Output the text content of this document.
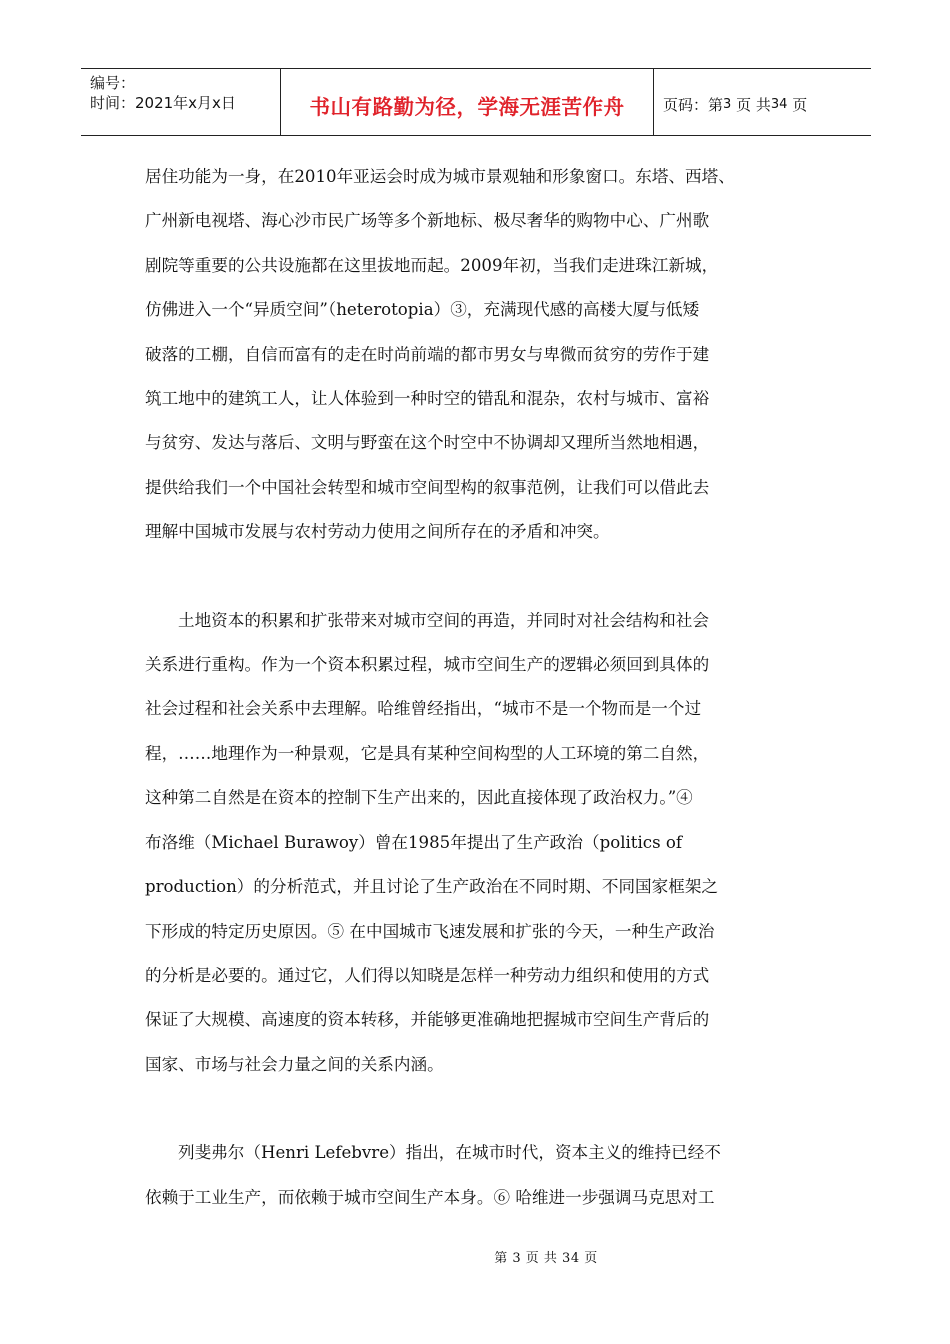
编号：
时间：2021年x月x日	书山有路勤为径，学海无涯苦作舟	页码：第 3
页 共 34
页

居住功能为一身，在2010年亚运会时成为城市景观轴和形象窗口。东塔、西塔、
广州新电视塔、海心沙市民广场等多个新地标、极尽奢华的购物中心、广州歌
剧院等重要的公共设施都在这里拔地而起。2009年初，当我们走进珠江新城，
仿佛进入一个“异质空间”（heterotopia）③，充满现代感的高楼大厦与低矮
破落的工棚，自信而富有的走在时尚前端的都市男女与卑微而贫穷的劳作于建
筑工地中的建筑工人，让人体验到一种时空的错乱和混杂，农村与城市、富裕
与贫穷、发达与落后、文明与野蛮在这个时空中不协调却又理所当然地相遇，
提供给我们一个中国社会转型和城市空间型构的叙事范例，让我们可以借此去
理解中国城市发展与农村劳动力使用之间所存在的矛盾和冲突。

土地资本的积累和扩张带来对城市空间的再造，并同时对社会结构和社会
关系进行重构。作为一个资本积累过程，城市空间生产的逻辑必须回到具体的
社会过程和社会关系中去理解。哈维曾经指出，“城市不是一个物而是一个过
程，……地理作为一种景观，它是具有某种空间构型的人工环境的第二自然，
这种第二自然是在资本的控制下生产出来的，因此直接体现了政治权力。”④
布洛维（Michael Burawoy）曾在1985年提出了生产政治（politics of
production）的分析范式，并且讨论了生产政治在不同时期、不同国家框架之
下形成的特定历史原因。⑤ 在中国城市飞速发展和扩张的今天，一种生产政治
的分析是必要的。通过它，人们得以知晓是怎样一种劳动力组织和使用的方式
保证了大规模、高速度的资本转移，并能够更准确地把握城市空间生产背后的
国家、市场与社会力量之间的关系内涵。

列斐弗尔（Henri Lefebvre）指出，在城市时代，资本主义的维持已经不
依赖于工业生产，而依赖于城市空间生产本身。⑥ 哈维进一步强调马克思对工

第 3 页 共 34 页
